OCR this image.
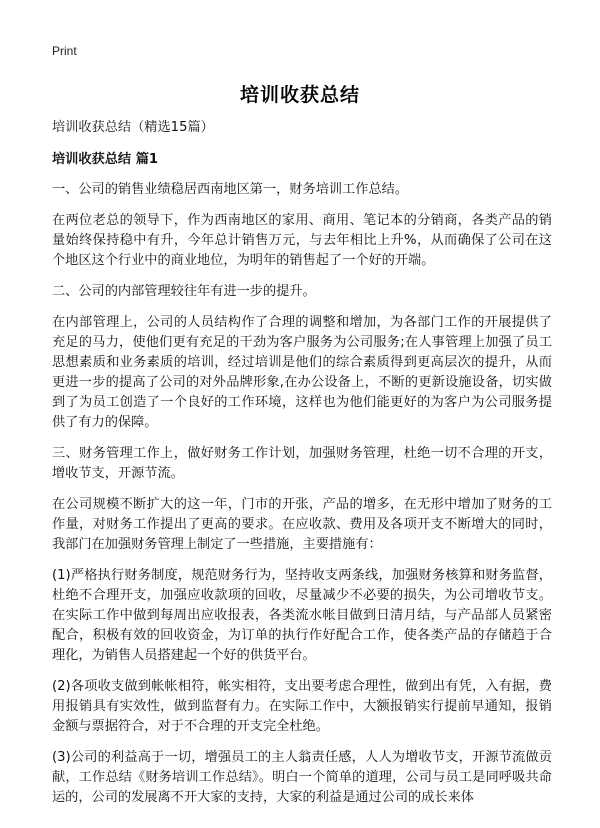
Print
培训收获总结

培训收获总结（精选15篇）

培训收获总结 篇1

一、公司的销售业绩稳居西南地区第一，财务培训工作总结。

在两位老总的领导下，作为西南地区的家用、商用、笔记本的分销商，各类产品的销量始终保持稳中有升，今年总计销售万元，与去年相比上升%，从而确保了公司在这个地区这个行业中的商业地位，为明年的销售起了一个好的开端。

二、公司的内部管理较往年有进一步的提升。

在内部管理上，公司的人员结构作了合理的调整和增加，为各部门工作的开展提供了充足的马力，使他们更有充足的干劲为客户服务为公司服务;在人事管理上加强了员工思想素质和业务素质的培训，经过培训是他们的综合素质得到更高层次的提升，从而更进一步的提高了公司的对外品牌形象,在办公设备上，不断的更新设施设备，切实做到了为员工创造了一个良好的工作环境，这样也为他们能更好的为客户为公司服务提供了有力的保障。

三、财务管理工作上，做好财务工作计划，加强财务管理，杜绝一切不合理的开支，增收节支，开源节流。

在公司规模不断扩大的这一年，门市的开张，产品的增多，在无形中增加了财务的工作量，对财务工作提出了更高的要求。在应收款、费用及各项开支不断增大的同时，我部门在加强财务管理上制定了一些措施，主要措施有：

(1)严格执行财务制度，规范财务行为，坚持收支两条线，加强财务核算和财务监督，杜绝不合理开支，加强应收款项的回收，尽量减少不必要的损失，为公司增收节支。在实际工作中做到每周出应收报表，各类流水帐目做到日清月结，与产品部人员紧密配合，积极有效的回收资金，为订单的执行作好配合工作，使各类产品的存储趋于合理化，为销售人员搭建起一个好的供货平台。

(2)各项收支做到帐帐相符，帐实相符，支出要考虑合理性，做到出有凭，入有据，费用报销具有实效性，做到监督有力。在实际工作中，大额报销实行提前早通知，报销金额与票据符合，对于不合理的开支完全杜绝。

(3)公司的利益高于一切，增强员工的主人翁责任感，人人为增收节支，开源节流做贡献，工作总结《财务培训工作总结》。明白一个简单的道理，公司与员工是同呼吸共命运的，公司的发展离不开大家的支持，大家的利益是通过公司的成长来体
